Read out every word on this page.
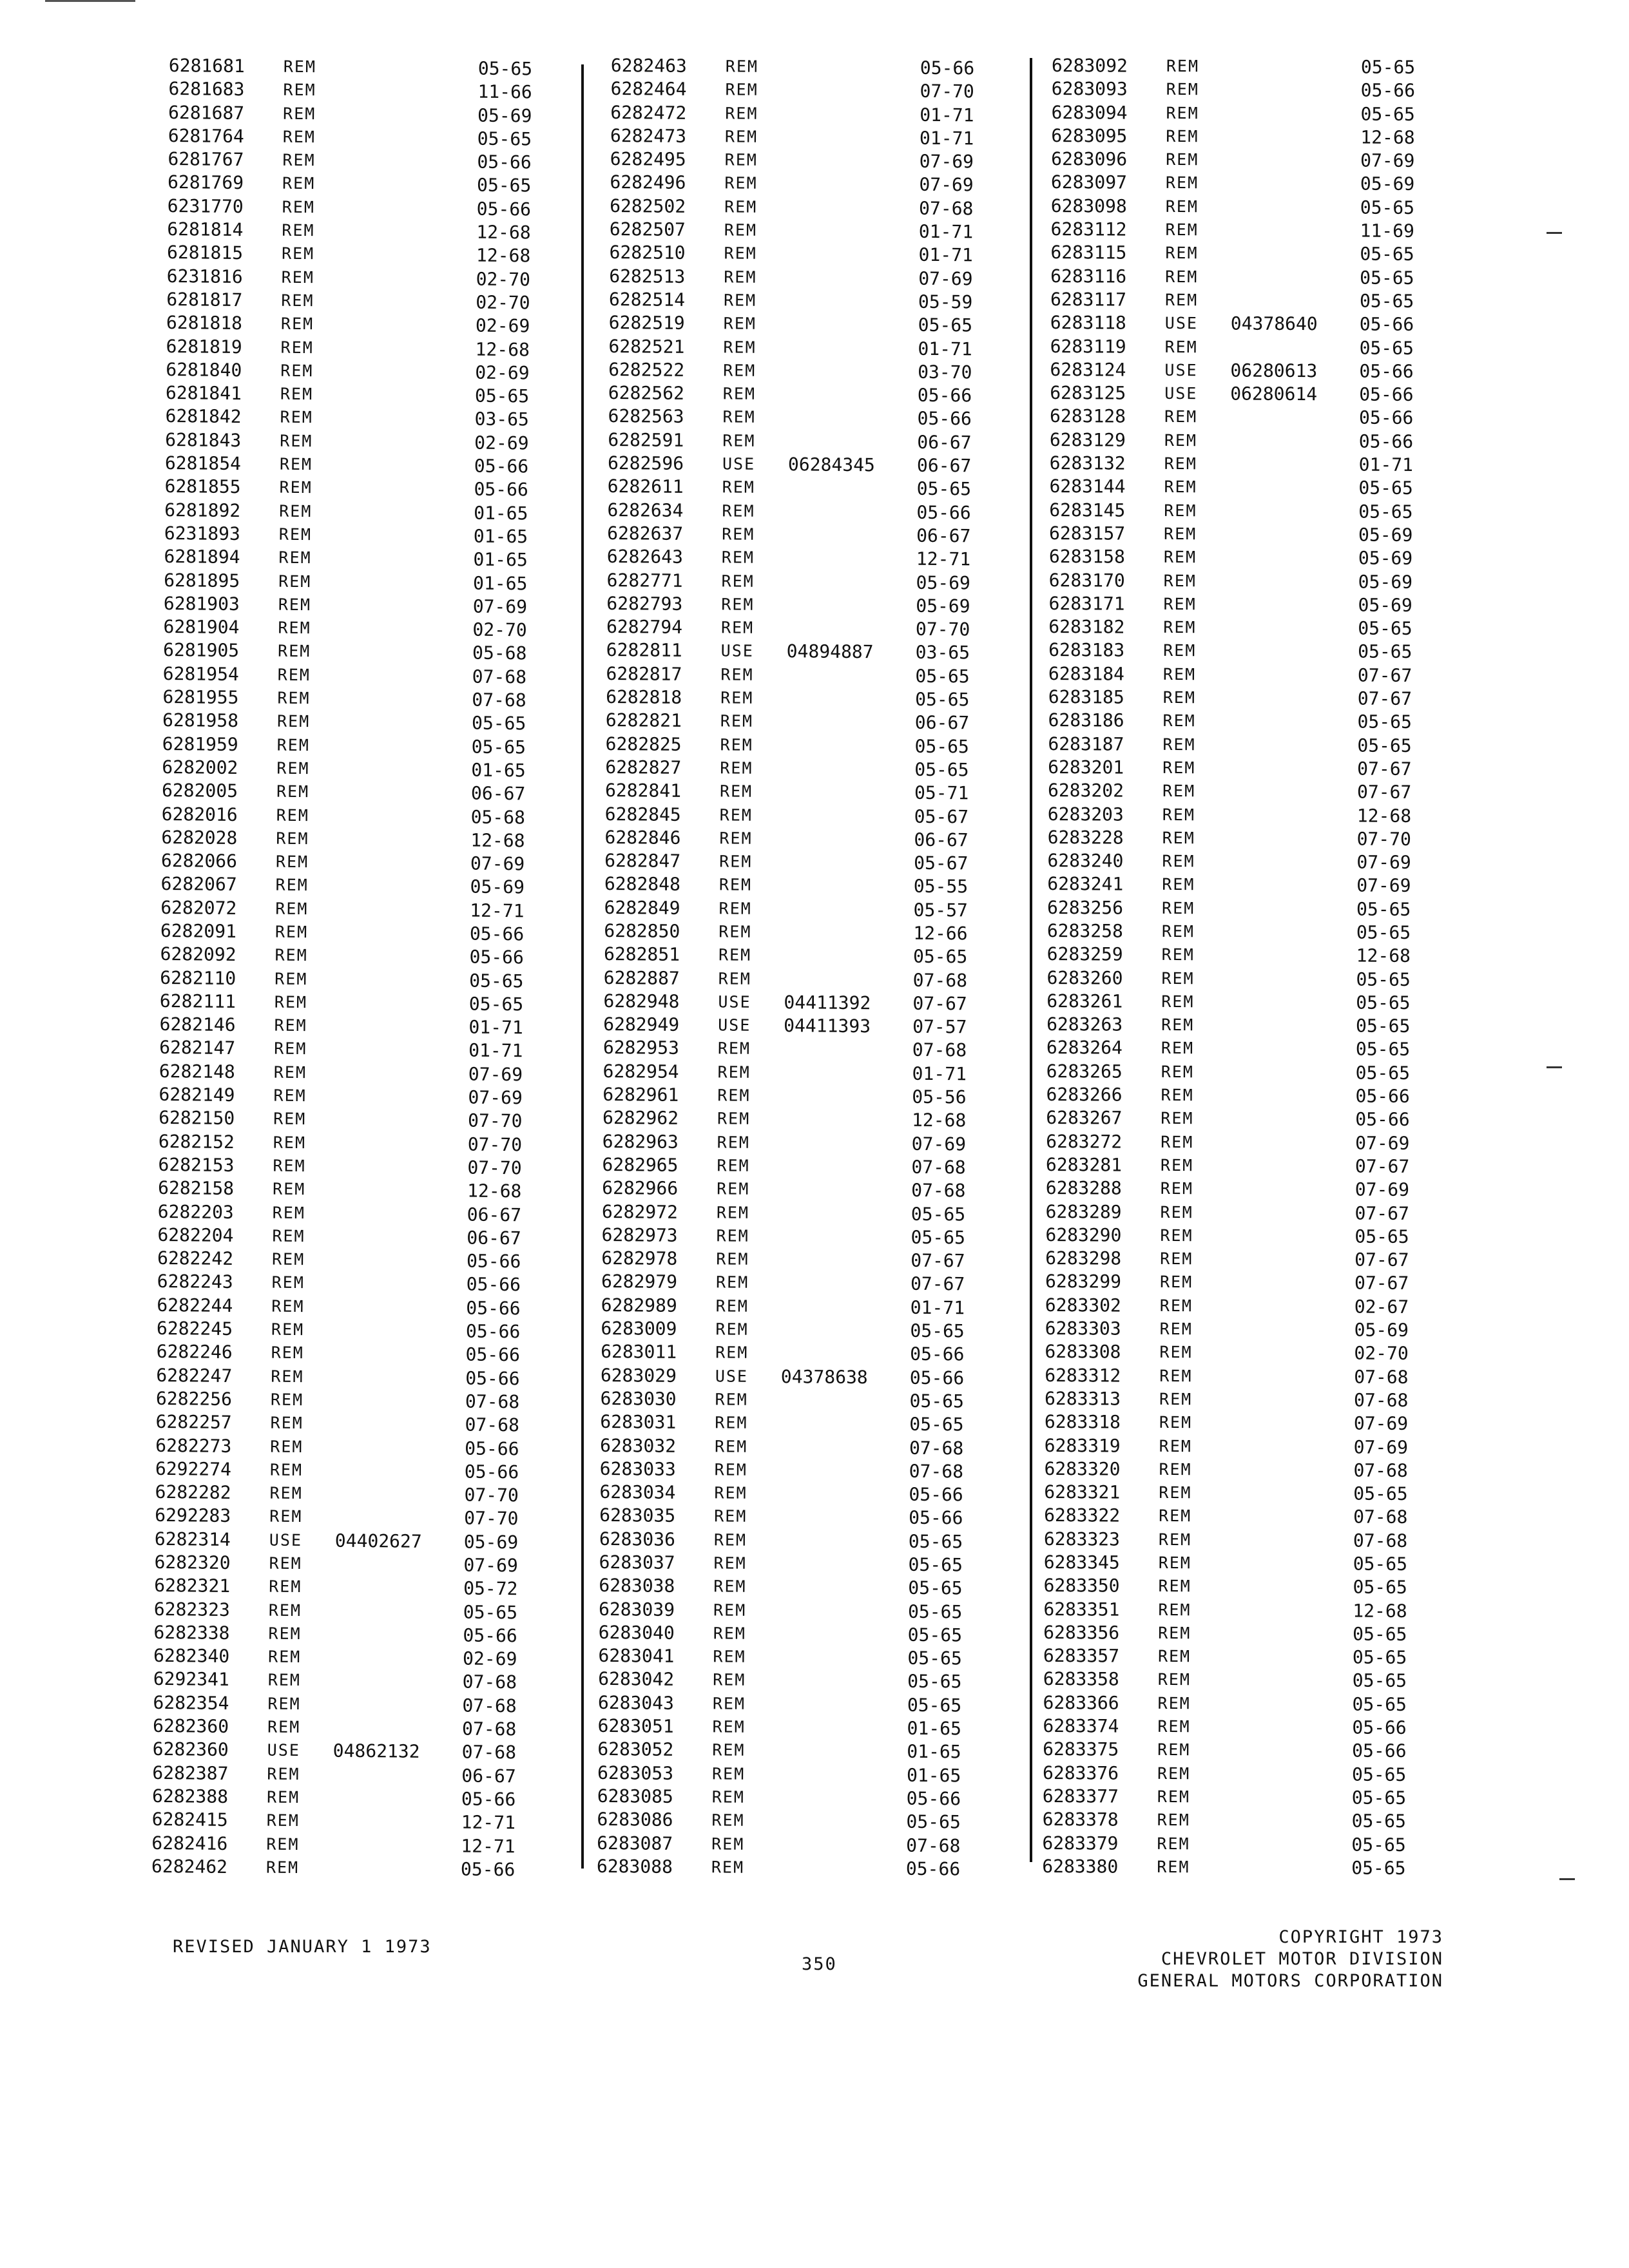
6281681 REM	05-65
6281683 REM	11-66
6281687 REM	05-69
6281764 REM	05-65
6281767 REM	05-66
6281769 REM	05-65
6231770 REM	05-66
6281814 REM	12-68
6281815 REM	12-68
6231816 REM	02-70
6281817 REM	02-70
6281818 REM	02-69
6281819 REM	12-68
6281840 REM	02-69
6281841 REM	05-65
6281842 REM	03-65
6281843 REM	02-69
6281854 REM	05-66
6281855 REM	05-66
6281892 REM	01-65
6231893 REM	01-65
6281894 REM	01-65
6281895 REM	01-65
6281903 REM	07-69
6281904 REM	02-70
6281905 REM	05-68
6281954 REM	07-68
6281955 REM	07-68
6281958 REM	05-65
6281959 REM	05-65
6282002 REM	01-65
6282005 REM	06-67
6282016 REM	05-68
6282028 REM	12-68
6282066 REM	07-69
6282067 REM	05-69
6282072 REM	12-71
6282091 REM	05-66
6282092 REM	05-66
6282110 REM	05-65
6282111 REM	05-65
6282146 REM	01-71
6282147 REM	01-71
6282148 REM	07-69
6282149 REM	07-69
6282150 REM	07-70
6282152 REM	07-70
6282153 REM	07-70
6282158 REM	12-68
6282203 REM	06-67
6282204 REM	06-67
6282242 REM	05-66
6282243 REM	05-66
6282244 REM	05-66
6282245 REM	05-66
6282246 REM	05-66
6282247 REM	05-66
6282256 REM	07-68
6282257 REM	07-68
6282273 REM	05-66
6292274 REM	05-66
6282282 REM	07-70
6292283 REM	07-70
6282314 USE 04402627 05-69
6282320 REM	07-69
6282321 REM	05-72
6282323 REM	05-65
6282338 REM	05-66
6282340 REM	02-69
6292341 REM	07-68
6282354 REM	07-68
6282360 REM	07-68
6282360 USE 04862132 07-68
6282387 REM	06-67
6282388 REM	05-66
6282415 REM	12-71
6282416 REM	12-71
6282462 REM	05-66
6282463 REM	05-66
6282464 REM	07-70
6282472 REM	01-71
6282473 REM	01-71
6282495 REM	07-69
6282496 REM	07-69
6282502 REM	07-68
6282507 REM	01-71
6282510 REM	01-71
6282513 REM	07-69
6282514 REM	05-59
6282519 REM	05-65
6282521 REM	01-71
6282522 REM	03-70
6282562 REM	05-66
6282563 REM	05-66
6282591 REM	06-67
6282596 USE 06284345 06-67
6282611 REM	05-65
6282634 REM	05-66
6282637 REM	06-67
6282643 REM	12-71
6282771 REM	05-69
6282793 REM	05-69
6282794 REM	07-70
6282811 USE 04894887 03-65
6282817 REM	05-65
6282818 REM	05-65
6282821 REM	06-67
6282825 REM	05-65
6282827 REM	05-65
6282841 REM	05-71
6282845 REM	05-67
6282846 REM	06-67
6282847 REM	05-67
6282848 REM	05-55
6282849 REM	05-57
6282850 REM	12-66
6282851 REM	05-65
6282887 REM	07-68
6282948 USE 04411392 07-67
6282949 USE 04411393 07-57
6282953 REM	07-68
6282954 REM	01-71
6282961 REM	05-56
6282962 REM	12-68
6282963 REM	07-69
6282965 REM	07-68
6282966 REM	07-68
6282972 REM	05-65
6282973 REM	05-65
6282978 REM	07-67
6282979 REM	07-67
6282989 REM	01-71
6283009 REM	05-65
6283011 REM	05-66
6283029 USE 04378638 05-66
6283030 REM	05-65
6283031 REM	05-65
6283032 REM	07-68
6283033 REM	07-68
6283034 REM	05-66
6283035 REM	05-66
6283036 REM	05-65
6283037 REM	05-65
6283038 REM	05-65
6283039 REM	05-65
6283040 REM	05-65
6283041 REM	05-65
6283042 REM	05-65
6283043 REM	05-65
6283051 REM	01-65
6283052 REM	01-65
6283053 REM	01-65
6283085 REM	05-66
6283086 REM	05-65
6283087 REM	07-68
6283088 REM	05-66
6283092 REM	05-65
6283093 REM	05-66
6283094 REM	05-65
6283095 REM	12-68
6283096 REM	07-69
6283097 REM	05-69
6283098 REM	05-65
6283112 REM	11-69
6283115 REM	05-65
6283116 REM	05-65
6283117 REM	05-65
6283118 USE 04378640 05-66
6283119 REM	05-65
6283124 USE 06280613 05-66
6283125 USE 06280614 05-66
6283128 REM	05-66
6283129 REM	05-66
6283132 REM	01-71
6283144 REM	05-65
6283145 REM	05-65
6283157 REM	05-69
6283158 REM	05-69
6283170 REM	05-69
6283171 REM	05-69
6283182 REM	05-65
6283183 REM	05-65
6283184 REM	07-67
6283185 REM	07-67
6283186 REM	05-65
6283187 REM	05-65
6283201 REM	07-67
6283202 REM	07-67
6283203 REM	12-68
6283228 REM	07-70
6283240 REM	07-69
6283241 REM	07-69
6283256 REM	05-65
6283258 REM	05-65
6283259 REM	12-68
6283260 REM	05-65
6283261 REM	05-65
6283263 REM	05-65
6283264 REM	05-65
6283265 REM	05-65
6283266 REM	05-66
6283267 REM	05-66
6283272 REM	07-69
6283281 REM	07-67
6283288 REM	07-69
6283289 REM	07-67
6283290 REM	05-65
6283298 REM	07-67
6283299 REM	07-67
6283302 REM	02-67
6283303 REM	05-69
6283308 REM	02-70
6283312 REM	07-68
6283313 REM	07-68
6283318 REM	07-69
6283319 REM	07-69
6283320 REM	07-68
6283321 REM	05-65
6283322 REM	07-68
6283323 REM	07-68
6283345 REM	05-65
6283350 REM	05-65
6283351 REM	12-68
6283356 REM	05-65
6283357 REM	05-65
6283358 REM	05-65
6283366 REM	05-65
6283374 REM	05-66
6283375 REM	05-66
6283376 REM	05-65
6283377 REM	05-65
6283378 REM	05-65
6283379 REM	05-65
6283380 REM	05-65
REVISED JANUARY 1 1973
350
COPYRIGHT 1973
CHEVROLET MOTOR DIVISION
GENERAL MOTORS CORPORATION
